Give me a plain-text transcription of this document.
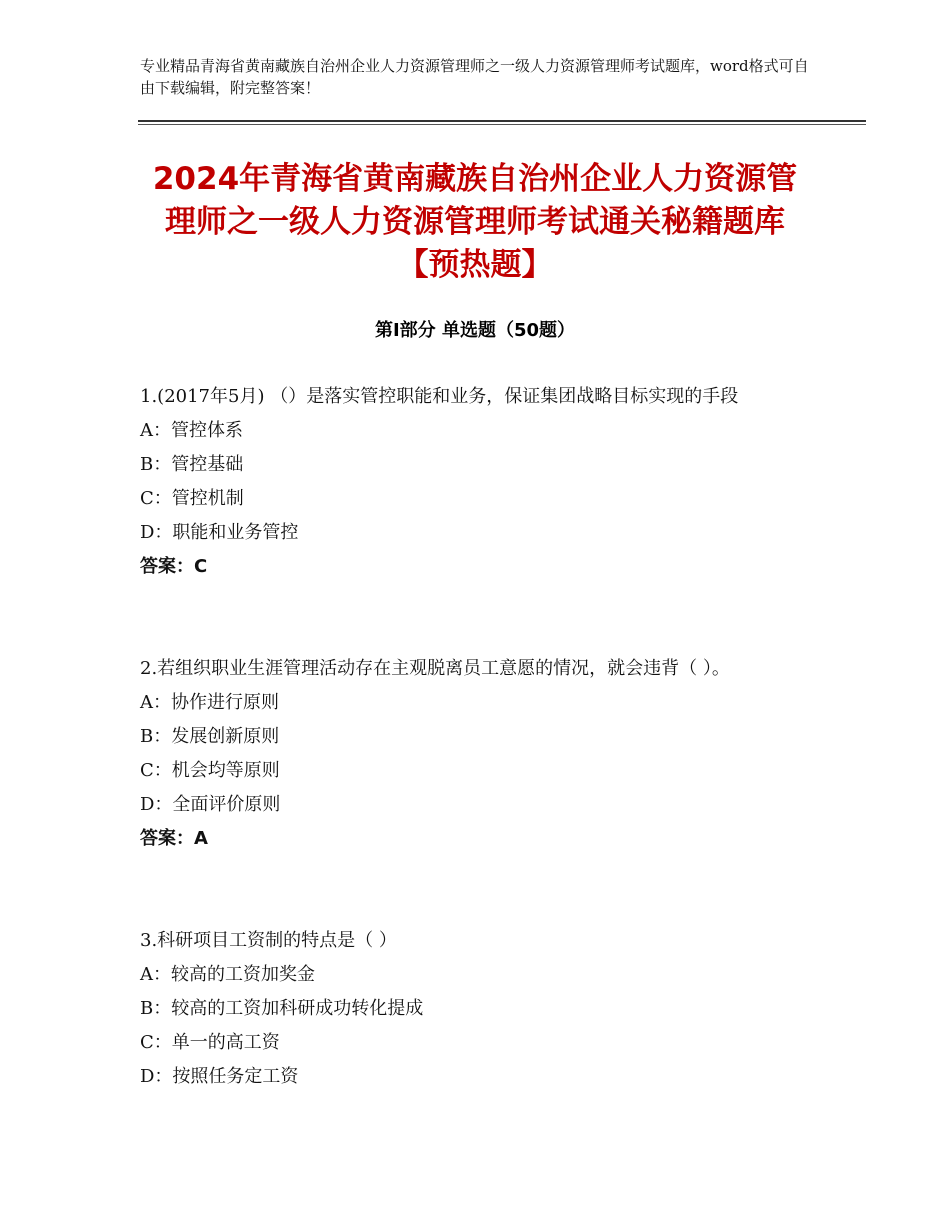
专业精品青海省黄南藏族自治州企业人力资源管理师之一级人力资源管理师考试题库，word格式可自由下载编辑，附完整答案！
2024年青海省黄南藏族自治州企业人力资源管理师之一级人力资源管理师考试通关秘籍题库【预热题】
第Ⅰ部分 单选题（50题）

1.(2017年5月) （）是落实管控职能和业务，保证集团战略目标实现的手段

A：管控体系

B：管控基础

C：管控机制

D：职能和业务管控

答案：C

2.若组织职业生涯管理活动存在主观脱离员工意愿的情况，就会违背（ ）。

A：协作进行原则

B：发展创新原则

C：机会均等原则

D：全面评价原则

答案：A

3.科研项目工资制的特点是（ ）

A：较高的工资加奖金

B：较高的工资加科研成功转化提成

C：单一的高工资

D：按照任务定工资
